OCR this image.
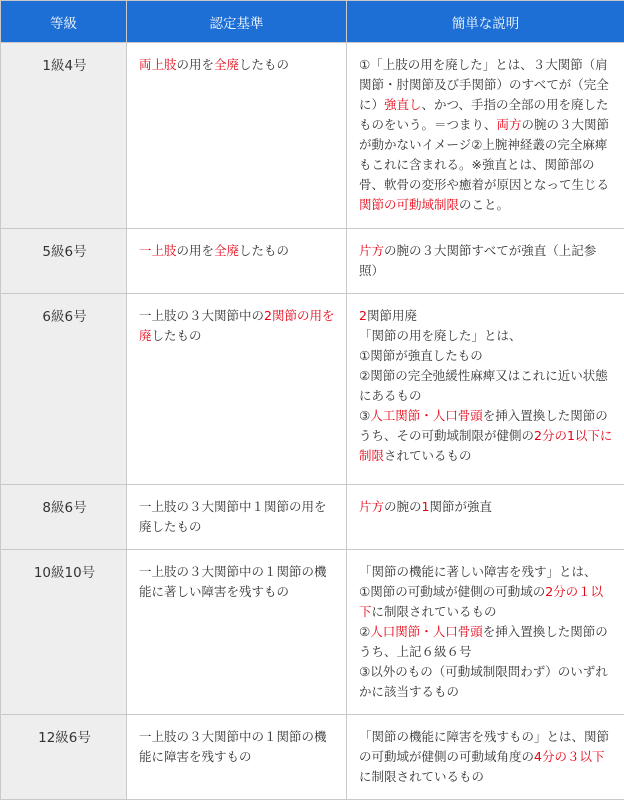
等級	認定基準	簡単な説明
1級4号	両上肢の用を全廃したもの	①「上肢の用を廃した」とは、３大関節（肩関節・肘関節及び手関節）のすべてが（完全に）強直し、かつ、手指の全部の用を廃したものをいう。＝つまり、両方の腕の３大関節が動かないイメージ②上腕神経叢の完全麻痺もこれに含まれる。※強直とは、関節部の骨、軟骨の変形や癒着が原因となって生じる関節の可動域制限のこと。

5級6号	一上肢の用を全廃したもの	片方の腕の３大関節すべてが強直（上記参照）

6級6号	一上肢の３大関節中の2関節の用を廃したもの	2関節用廃
「関節の用を廃した」とは、
①関節が強直したもの
②関節の完全弛緩性麻痺又はこれに近い状態にあるもの
③人工関節・人口骨頭を挿入置換した関節のうち、その可動域制限が健側の2分の1以下に制限されているもの

8級6号	一上肢の３大関節中１関節の用を廃したもの	片方の腕の1関節が強直

10級10号	一上肢の３大関節中の１関節の機能に著しい障害を残すもの	「関節の機能に著しい障害を残す」とは、
①関節の可動域が健側の可動域の2分の１以下に制限されているもの
②人口関節・人口骨頭を挿入置換した関節のうち、上記６級６号
③以外のもの（可動域制限問わず）のいずれかに該当するもの

12級6号	一上肢の３大関節中の１関節の機能に障害を残すもの	「関節の機能に障害を残すもの」とは、関節の可動域が健側の可動域角度の4分の３以下に制限されているもの
